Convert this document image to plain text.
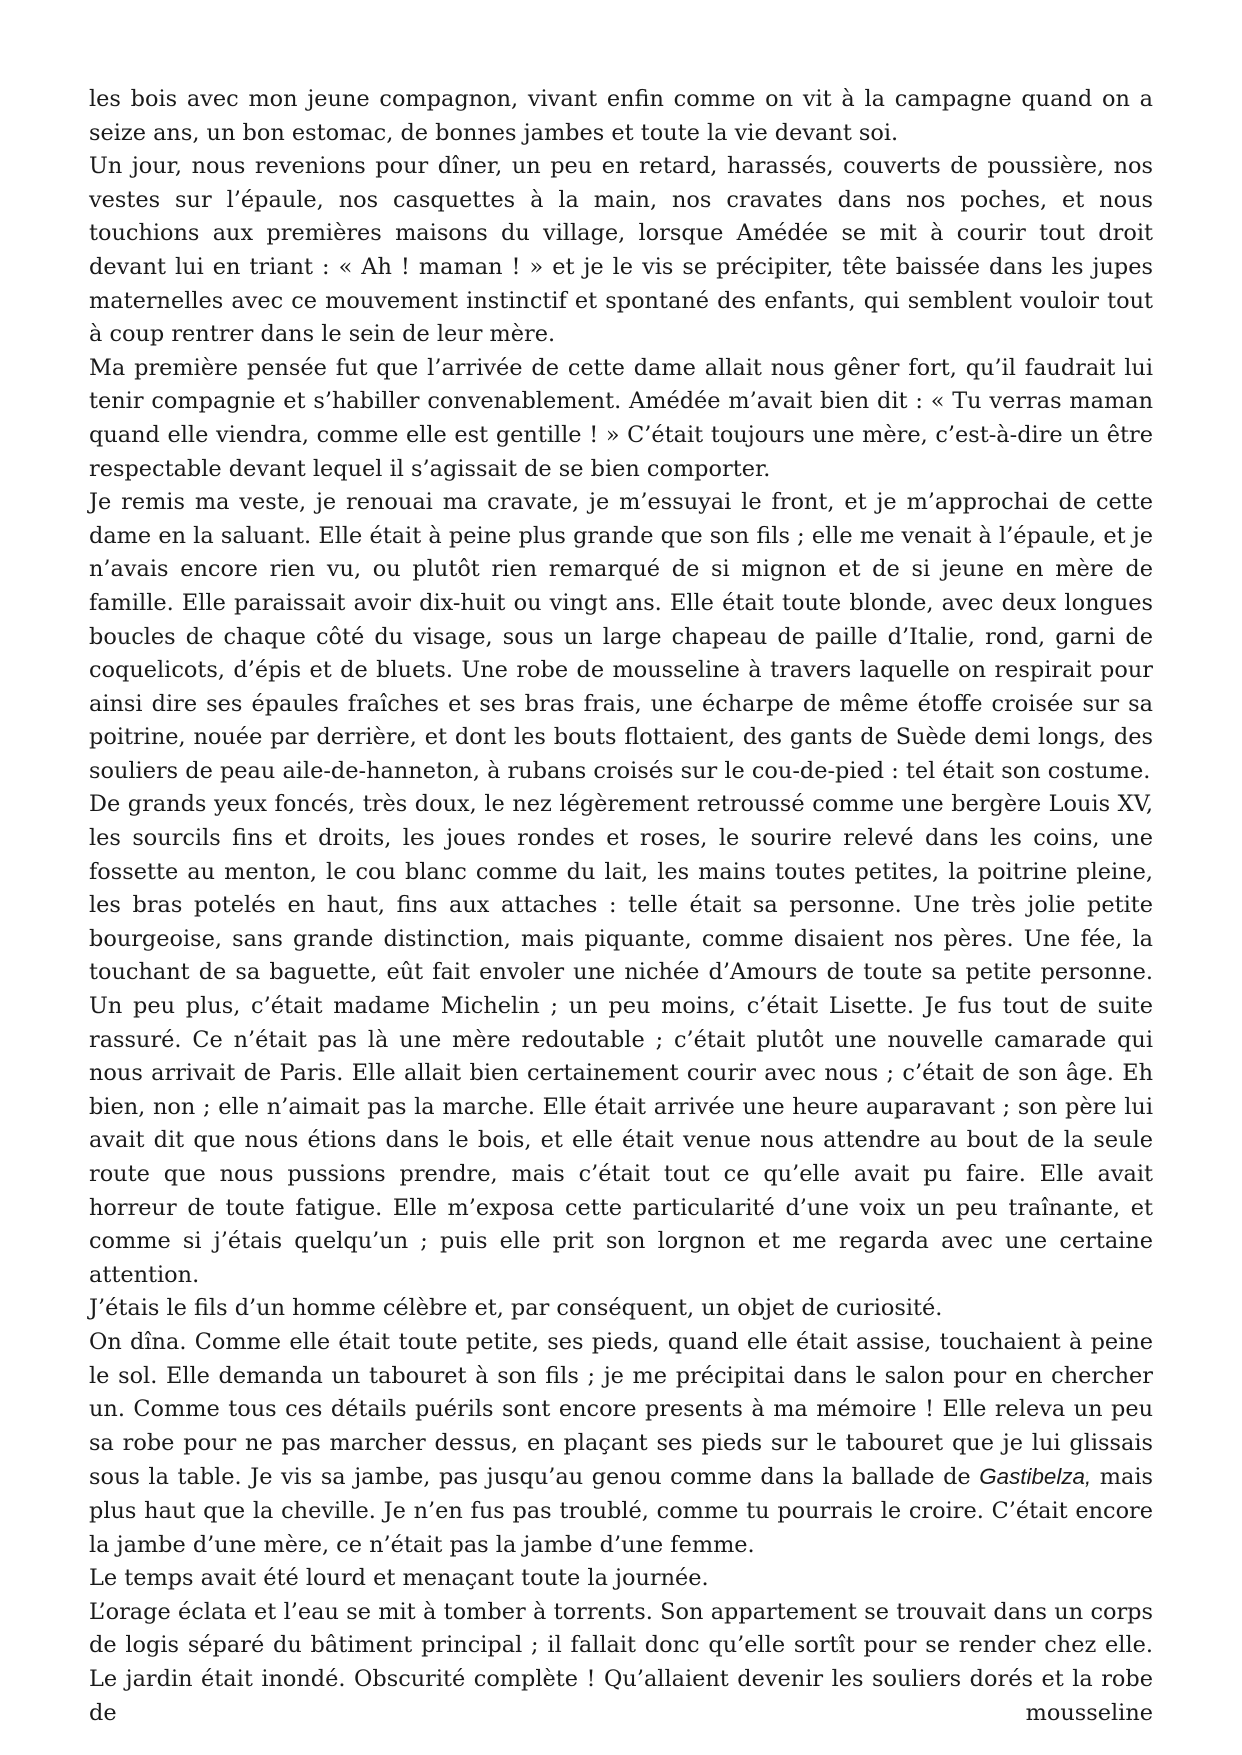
les bois avec mon jeune compagnon, vivant enfin comme on vit à la campagne quand on a seize ans, un bon estomac, de bonnes jambes et toute la vie devant soi.

Un jour, nous revenions pour dîner, un peu en retard, harassés, couverts de poussière, nos vestes sur l’épaule, nos casquettes à la main, nos cravates dans nos poches, et nous touchions aux premières maisons du village, lorsque Amédée se mit à courir tout droit devant lui en triant : « Ah ! maman ! » et je le vis se précipiter, tête baissée dans les jupes maternelles avec ce mouvement instinctif et spontané des enfants, qui semblent vouloir tout à coup rentrer dans le sein de leur mère.

Ma première pensée fut que l’arrivée de cette dame allait nous gêner fort, qu’il faudrait lui tenir compagnie et s’habiller convenablement. Amédée m’avait bien dit : « Tu verras maman quand elle viendra, comme elle est gentille ! » C’était toujours une mère, c’est-à-dire un être respectable devant lequel il s’agissait de se bien comporter.

Je remis ma veste, je renouai ma cravate, je m’essuyai le front, et je m’approchai de cette dame en la saluant. Elle était à peine plus grande que son fils ; elle me venait à l’épaule, et je n’avais encore rien vu, ou plutôt rien remarqué de si mignon et de si jeune en mère de famille. Elle paraissait avoir dix-huit ou vingt ans. Elle était toute blonde, avec deux longues boucles de chaque côté du visage, sous un large chapeau de paille d’Italie, rond, garni de coquelicots, d’épis et de bluets. Une robe de mousseline à travers laquelle on respirait pour ainsi dire ses épaules fraîches et ses bras frais, une écharpe de même étoffe croisée sur sa poitrine, nouée par derrière, et dont les bouts flottaient, des gants de Suède demi longs, des souliers de peau aile-de-hanneton, à rubans croisés sur le cou-de-pied : tel était son costume.

De grands yeux foncés, très doux, le nez légèrement retroussé comme une bergère Louis XV, les sourcils fins et droits, les joues rondes et roses, le sourire relevé dans les coins, une fossette au menton, le cou blanc comme du lait, les mains toutes petites, la poitrine pleine, les bras potelés en haut, fins aux attaches : telle était sa personne. Une très jolie petite bourgeoise, sans grande distinction, mais piquante, comme disaient nos pères. Une fée, la touchant de sa baguette, eût fait envoler une nichée d’Amours de toute sa petite personne. Un peu plus, c’était madame Michelin ; un peu moins, c’était Lisette. Je fus tout de suite rassuré. Ce n’était pas là une mère redoutable ; c’était plutôt une nouvelle camarade qui nous arrivait de Paris. Elle allait bien certainement courir avec nous ; c’était de son âge. Eh bien, non ; elle n’aimait pas la marche. Elle était arrivée une heure auparavant ; son père lui avait dit que nous étions dans le bois, et elle était venue nous attendre au bout de la seule route que nous pussions prendre, mais c’était tout ce qu’elle avait pu faire. Elle avait horreur de toute fatigue. Elle m’exposa cette particularité d’une voix un peu traînante, et comme si j’étais quelqu’un ; puis elle prit son lorgnon et me regarda avec une certaine attention.

J’étais le fils d’un homme célèbre et, par conséquent, un objet de curiosité.

On dîna. Comme elle était toute petite, ses pieds, quand elle était assise, touchaient à peine le sol. Elle demanda un tabouret à son fils ; je me précipitai dans le salon pour en chercher un. Comme tous ces détails puérils sont encore presents à ma mémoire ! Elle releva un peu sa robe pour ne pas marcher dessus, en plaçant ses pieds sur le tabouret que je lui glissais sous la table. Je vis sa jambe, pas jusqu’au genou comme dans la ballade de Gastibelza, mais plus haut que la cheville. Je n’en fus pas troublé, comme tu pourrais le croire. C’était encore la jambe d’une mère, ce n’était pas la jambe d’une femme.

Le temps avait été lourd et menaçant toute la journée.

L’orage éclata et l’eau se mit à tomber à torrents. Son appartement se trouvait dans un corps de logis séparé du bâtiment principal ; il fallait donc qu’elle sortît pour se render chez elle. Le jardin était inondé. Obscurité complète ! Qu’allaient devenir les souliers dorés et la robe de mousseline
